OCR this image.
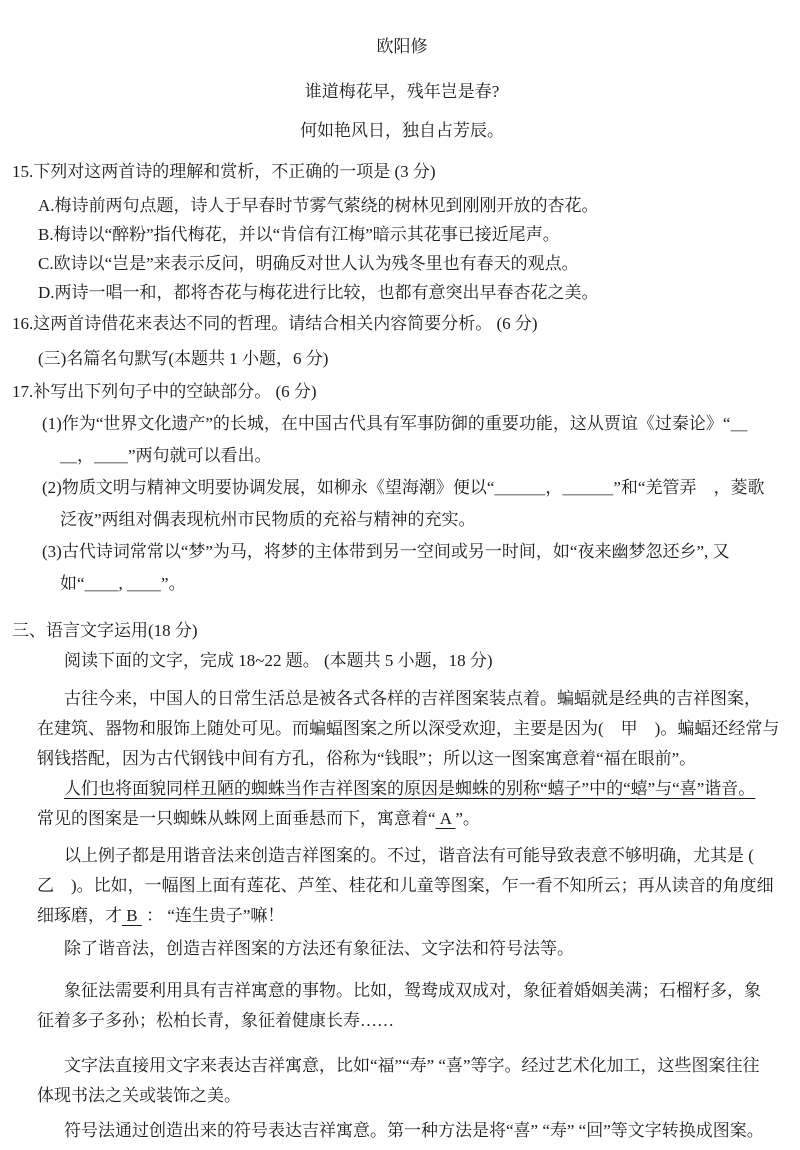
欧阳修
谁道梅花早，残年岂是春?
何如艳风日，独自占芳辰。
15.下列对这两首诗的理解和赏析，不正确的一项是 (3 分)
A.梅诗前两句点题，诗人于早春时节雾气萦绕的树林见到刚刚开放的杏花。
B.梅诗以“醉粉”指代梅花，并以“肯信有江梅”暗示其花事已接近尾声。
C.欧诗以“岂是”来表示反问，明确反对世人认为残冬里也有春天的观点。
D.两诗一唱一和，都将杏花与梅花进行比较，也都有意突出早春杏花之美。
16.这两首诗借花来表达不同的哲理。请结合相关内容简要分析。 (6 分)
(三)名篇名句默写(本题共 1 小题，6 分)
17.补写出下列句子中的空缺部分。 (6 分)
(1)作为“世界文化遗产”的长城，在中国古代具有军事防御的重要功能，这从贾谊《过秦论》“＿
＿，＿＿”两句就可以看出。
(2)物质文明与精神文明要协调发展，如柳永《望海潮》便以“＿＿＿，＿＿＿”和“羌管弄　，菱歌
泛夜”两组对偶表现杭州市民物质的充裕与精神的充实。
(3)古代诗词常常以“梦”为马，将梦的主体带到另一空间或另一时间，如“夜来幽梦忽还乡”, 又
如“＿＿, ＿＿”。
三、语言文字运用(18 分)
阅读下面的文字，完成 18~22 题。 (本题共 5 小题，18 分)
古往今来，中国人的日常生活总是被各式各样的吉祥图案装点着。蝙蝠就是经典的吉祥图案，
在建筑、器物和服饰上随处可见。而蝙蝠图案之所以深受欢迎，主要是因为(　甲　)。蝙蝠还经常与
钢钱搭配，因为古代钢钱中间有方孔，俗称为“钱眼”；所以这一图案寓意着“福在眼前”。
人们也将面貌同样丑陋的蜘蛛当作吉祥图案的原因是蜘蛛的别称“蟢子”中的“蟢”与“喜”谐音。
常见的图案是一只蜘蛛从蛛网上面垂悬而下，寓意着“ A ”。
以上例子都是用谐音法来创造吉祥图案的。不过，谐音法有可能导致表意不够明确，尤其是 (
乙　)。比如，一幅图上面有莲花、芦笙、桂花和儿童等图案，乍一看不知所云；再从读音的角度细
细琢磨，才 B  ： “连生贵子”嘛！
除了谐音法，创造吉祥图案的方法还有象征法、文字法和符号法等。
象征法需要利用具有吉祥寓意的事物。比如，鸳鸯成双成对，象征着婚姻美满；石榴籽多，象
征着多子多孙；松柏长青，象征着健康长寿……
文字法直接用文字来表达吉祥寓意，比如“福”“寿” “喜”等字。经过艺术化加工，这些图案往往
体现书法之关或装饰之美。
符号法通过创造出来的符号表达吉祥寓意。第一种方法是将“喜” “寿” “回”等文字转换成图案。
